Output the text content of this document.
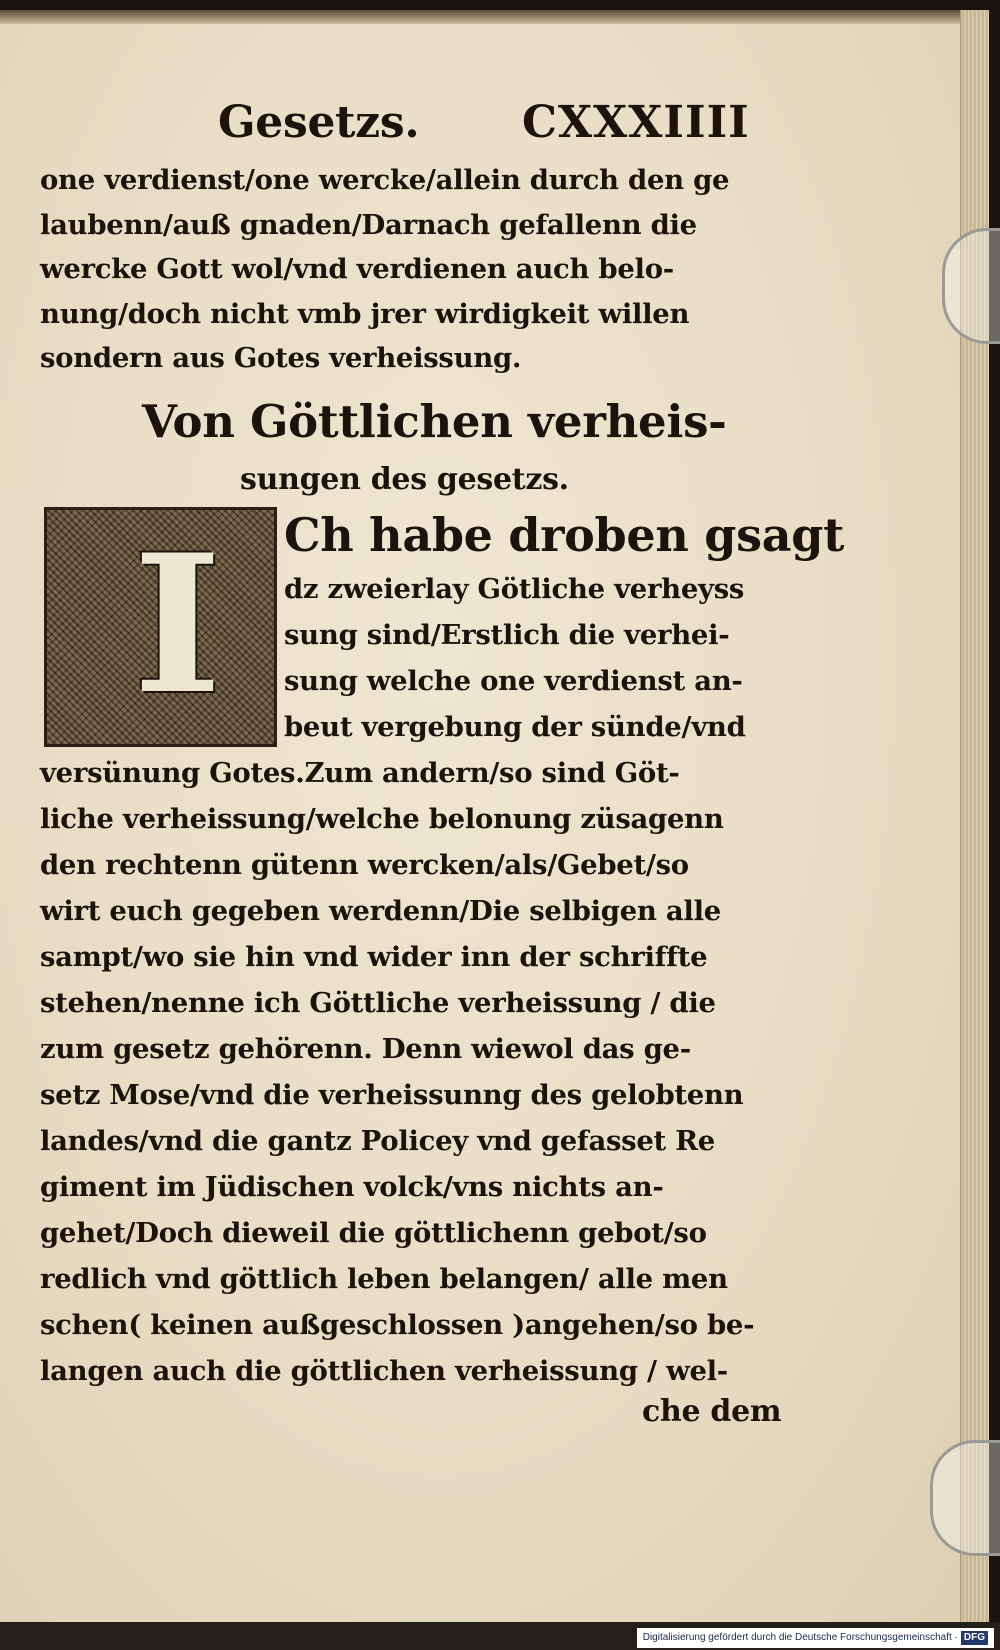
Gesetzs. CXXXIIII
one verdienst/one wercke/allein durch den ge
laubenn/auß gnaden/Darnach gefallenn die
wercke Gott wol/vnd verdienen auch belo-
nung/doch nicht vmb jrer wirdigkeit willen
sondern aus Gotes verheissung.
Von Göttlichen verheis-
sungen des gesetzs.
I Ch habe droben gsagt
dz zweierlay Götliche verheyss
sung sind/Erstlich die verhei-
sung welche one verdienst an-
beut vergebung der sünde/vnd
versünung Gotes.Zum andern/so sind Göt-
liche verheissung/welche belonung züsagenn
den rechtenn gütenn wercken/als/Gebet/so
wirt euch gegeben werdenn/Die selbigen alle
sampt/wo sie hin vnd wider inn der schriffte
stehen/nenne ich Göttliche verheissung / die
zum gesetz gehörenn. Denn wiewol das ge-
setz Mose/vnd die verheissunng des gelobtenn
landes/vnd die gantz Policey vnd gefasset Re
giment im Jüdischen volck/vns nichts an-
gehet/Doch dieweil die göttlichenn gebot/so
redlich vnd göttlich leben belangen/ alle men
schen( keinen außgeschlossen )angehen/so be-
langen auch die göttlichen verheissung / wel-
che dem
Digitalisierung gefördert durch die Deutsche Forschungsgemeinschaft · DFG
